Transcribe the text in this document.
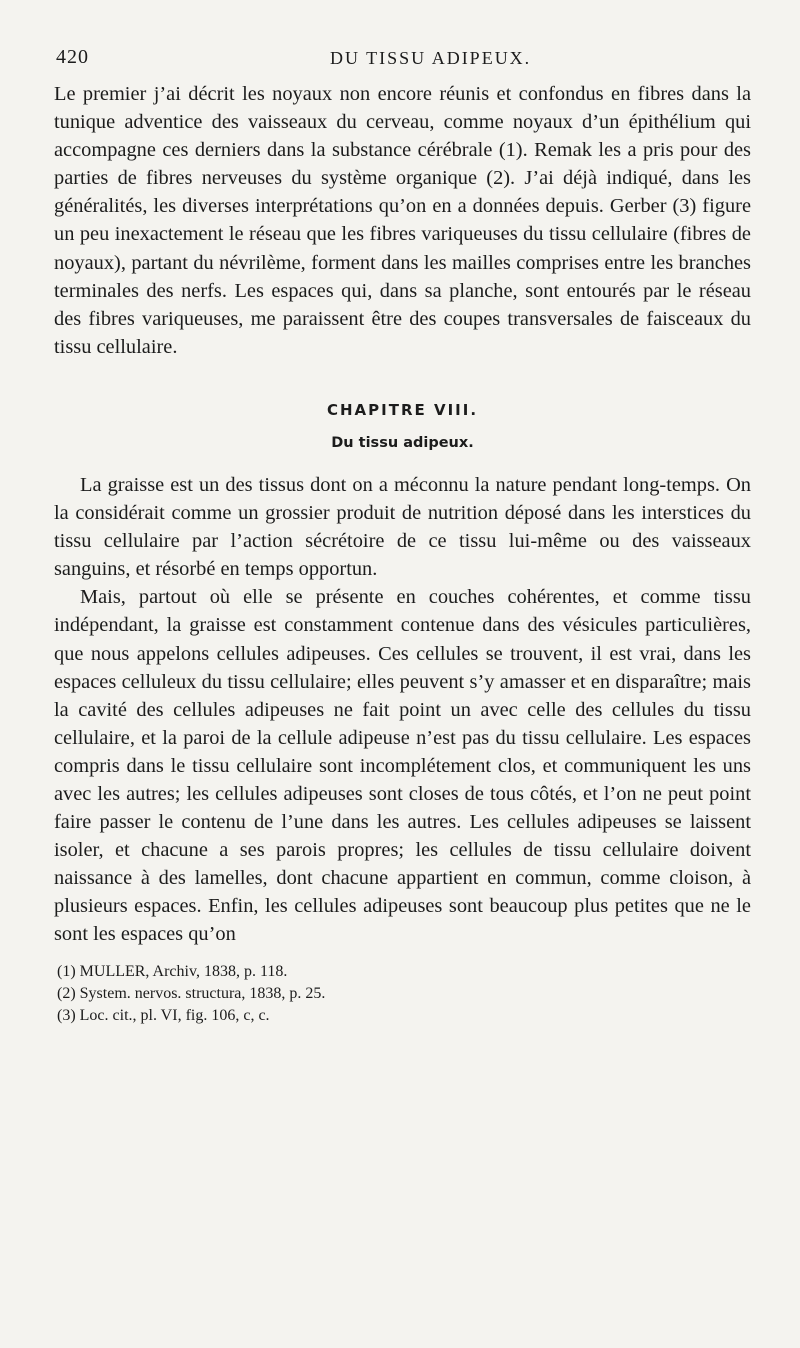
420	DU TISSU ADIPEUX.

Le premier j’ai décrit les noyaux non encore réunis et confondus en fibres dans la tunique adventice des vaisseaux du cerveau, comme noyaux d’un épithélium qui accompagne ces derniers dans la substance cérébrale (1). Remak les a pris pour des parties de fibres nerveuses du système organique (2). J’ai déjà indiqué, dans les généralités, les diverses interprétations qu’on en a données depuis. Gerber (3) figure un peu inexactement le réseau que les fibres variqueuses du tissu cellulaire (fibres de noyaux), partant du névrilème, forment dans les mailles comprises entre les branches terminales des nerfs. Les espaces qui, dans sa planche, sont entourés par le réseau des fibres variqueuses, me paraissent être des coupes transversales de faisceaux du tissu cellulaire.

CHAPITRE VIII.
Du tissu adipeux.

La graisse est un des tissus dont on a méconnu la nature pendant long-temps. On la considérait comme un grossier produit de nutrition déposé dans les interstices du tissu cellulaire par l’action sécrétoire de ce tissu lui-même ou des vaisseaux sanguins, et résorbé en temps opportun.

Mais, partout où elle se présente en couches cohérentes, et comme tissu indépendant, la graisse est constamment contenue dans des vésicules particulières, que nous appelons cellules adipeuses. Ces cellules se trouvent, il est vrai, dans les espaces celluleux du tissu cellulaire; elles peuvent s’y amasser et en disparaître; mais la cavité des cellules adipeuses ne fait point un avec celle des cellules du tissu cellulaire, et la paroi de la cellule adipeuse n’est pas du tissu cellulaire. Les espaces compris dans le tissu cellulaire sont incomplétement clos, et communiquent les uns avec les autres; les cellules adipeuses sont closes de tous côtés, et l’on ne peut point faire passer le contenu de l’une dans les autres. Les cellules adipeuses se laissent isoler, et chacune a ses parois propres; les cellules de tissu cellulaire doivent naissance à des lamelles, dont chacune appartient en commun, comme cloison, à plusieurs espaces. Enfin, les cellules adipeuses sont beaucoup plus petites que ne le sont les espaces qu’on

(1) MULLER, Archiv, 1838, p. 118.
(2) System. nervos. structura, 1838, p. 25.
(3) Loc. cit., pl. VI, fig. 106, c, c.
